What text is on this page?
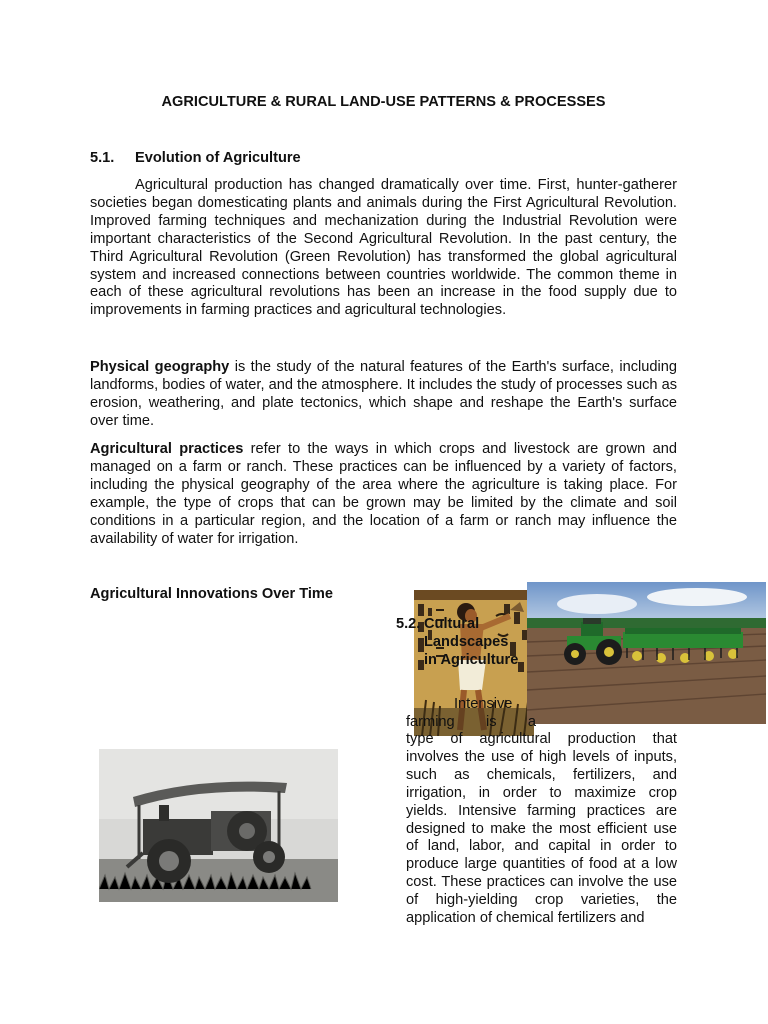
AGRICULTURE & RURAL LAND-USE PATTERNS & PROCESSES
5.1. Evolution of Agriculture

Agricultural production has changed dramatically over time. First, hunter-gatherer societies began domesticating plants and animals during the First Agricultural Revolution. Improved farming techniques and mechanization during the Industrial Revolution were important characteristics of the Second Agricultural Revolution. In the past century, the Third Agricultural Revolution (Green Revolution) has transformed the global agricultural system and increased connections between countries worldwide. The common theme in each of these agricultural revolutions has been an increase in the food supply due to improvements in farming practices and agricultural technologies.

Physical geography is the study of the natural features of the Earth's surface, including landforms, bodies of water, and the atmosphere. It includes the study of processes such as erosion, weathering, and plate tectonics, which shape and reshape the Earth's surface over time.

Agricultural practices refer to the ways in which crops and livestock are grown and managed on a farm or ranch. These practices can be influenced by a variety of factors, including the physical geography of the area where the agriculture is taking place. For example, the type of crops that can be grown may be limited by the climate and soil conditions in a particular region, and the location of a farm or ranch may influence the availability of water for irrigation.

Agricultural Innovations Over Time
5.2. Cultural Landscapes in Agriculture
Intensive
farming is a

type of agricultural production that involves the use of high levels of inputs, such as chemicals, fertilizers, and irrigation, in order to maximize crop yields. Intensive farming practices are designed to make the most efficient use of land, labor, and capital in order to produce large quantities of food at a low cost. These practices can involve the use of high-yielding crop varieties, the application of chemical fertilizers and
